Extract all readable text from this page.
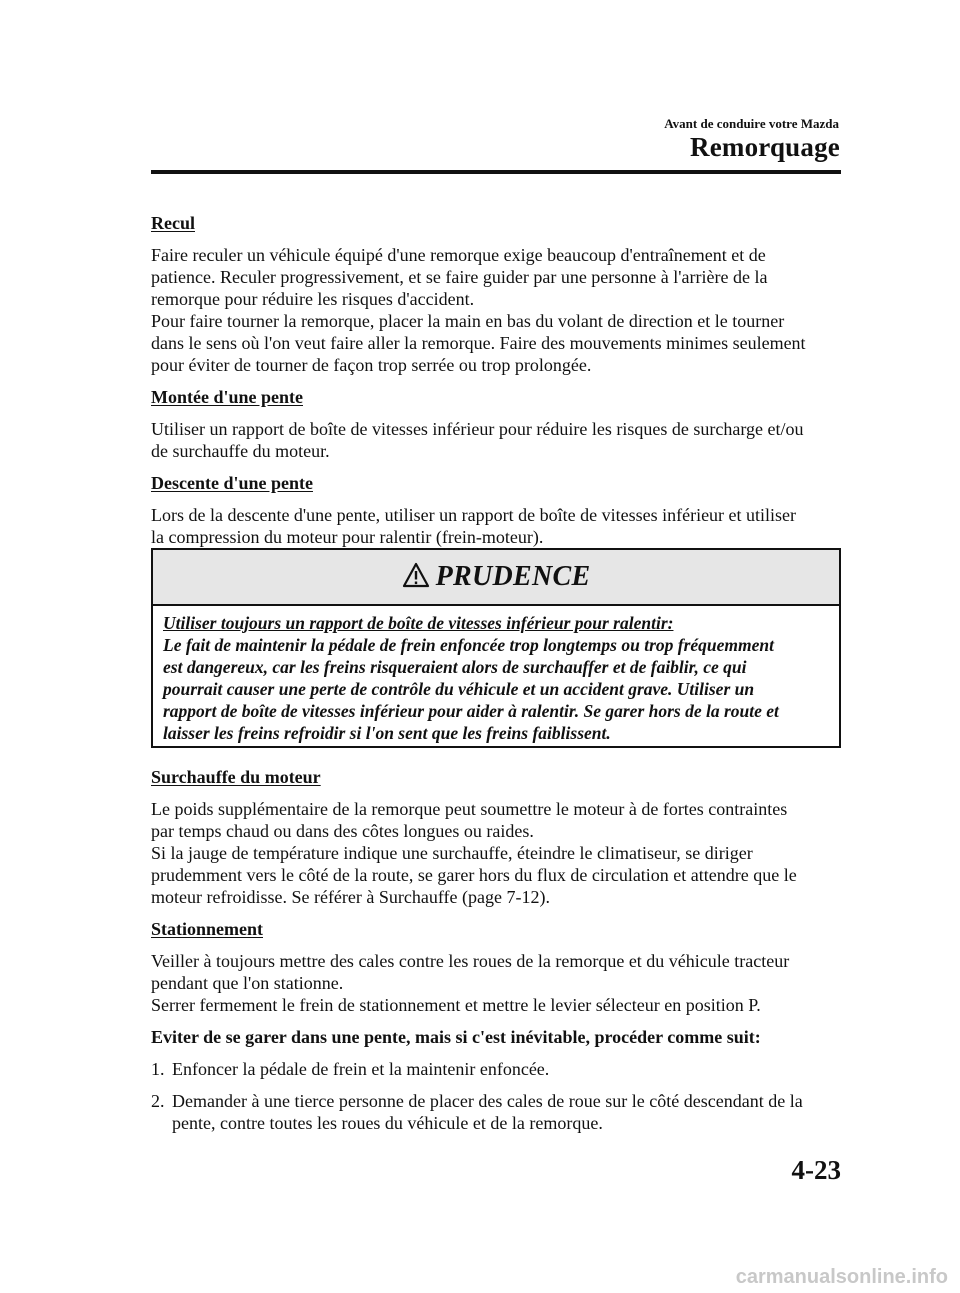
Avant de conduire votre Mazda
Remorquage
Recul
Faire reculer un véhicule équipé d'une remorque exige beaucoup d'entraînement et de
patience. Reculer progressivement, et se faire guider par une personne à l'arrière de la
remorque pour réduire les risques d'accident.
Pour faire tourner la remorque, placer la main en bas du volant de direction et le tourner
dans le sens où l'on veut faire aller la remorque. Faire des mouvements minimes seulement
pour éviter de tourner de façon trop serrée ou trop prolongée.
Montée d'une pente
Utiliser un rapport de boîte de vitesses inférieur pour réduire les risques de surcharge et/ou
de surchauffe du moteur.
Descente d'une pente
Lors de la descente d'une pente, utiliser un rapport de boîte de vitesses inférieur et utiliser
la compression du moteur pour ralentir (frein-moteur).
PRUDENCE
Utiliser toujours un rapport de boîte de vitesses inférieur pour ralentir:
Le fait de maintenir la pédale de frein enfoncée trop longtemps ou trop fréquemment
est dangereux, car les freins risqueraient alors de surchauffer et de faiblir, ce qui
pourrait causer une perte de contrôle du véhicule et un accident grave. Utiliser un
rapport de boîte de vitesses inférieur pour aider à ralentir. Se garer hors de la route et
laisser les freins refroidir si l'on sent que les freins faiblissent.
Surchauffe du moteur
Le poids supplémentaire de la remorque peut soumettre le moteur à de fortes contraintes
par temps chaud ou dans des côtes longues ou raides.
Si la jauge de température indique une surchauffe, éteindre le climatiseur, se diriger
prudemment vers le côté de la route, se garer hors du flux de circulation et attendre que le
moteur refroidisse. Se référer à Surchauffe (page 7-12).
Stationnement
Veiller à toujours mettre des cales contre les roues de la remorque et du véhicule tracteur
pendant que l'on stationne.
Serrer fermement le frein de stationnement et mettre le levier sélecteur en position P.
Eviter de se garer dans une pente, mais si c'est inévitable, procéder comme suit:
1. Enfoncer la pédale de frein et la maintenir enfoncée.
2. Demander à une tierce personne de placer des cales de roue sur le côté descendant de la
pente, contre toutes les roues du véhicule et de la remorque.
4-23
carmanualsonline.info
